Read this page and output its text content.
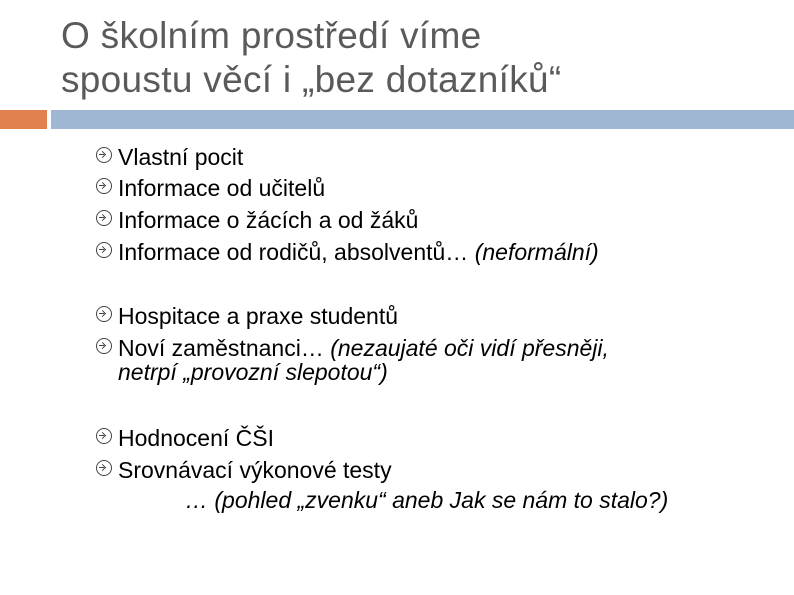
O školním prostředí víme
spoustu věcí i „bez dotazníků“
Vlastní pocit
Informace od učitelů
Informace o žácích a od žáků
Informace od rodičů, absolventů… (neformální)
Hospitace a praxe studentů
Noví zaměstnanci… (nezaujaté oči vidí přesněji,
netrpí „provozní slepotou“)
Hodnocení ČŠI
Srovnávací výkonové testy
… (pohled „zvenku“ aneb Jak se nám to stalo?)
